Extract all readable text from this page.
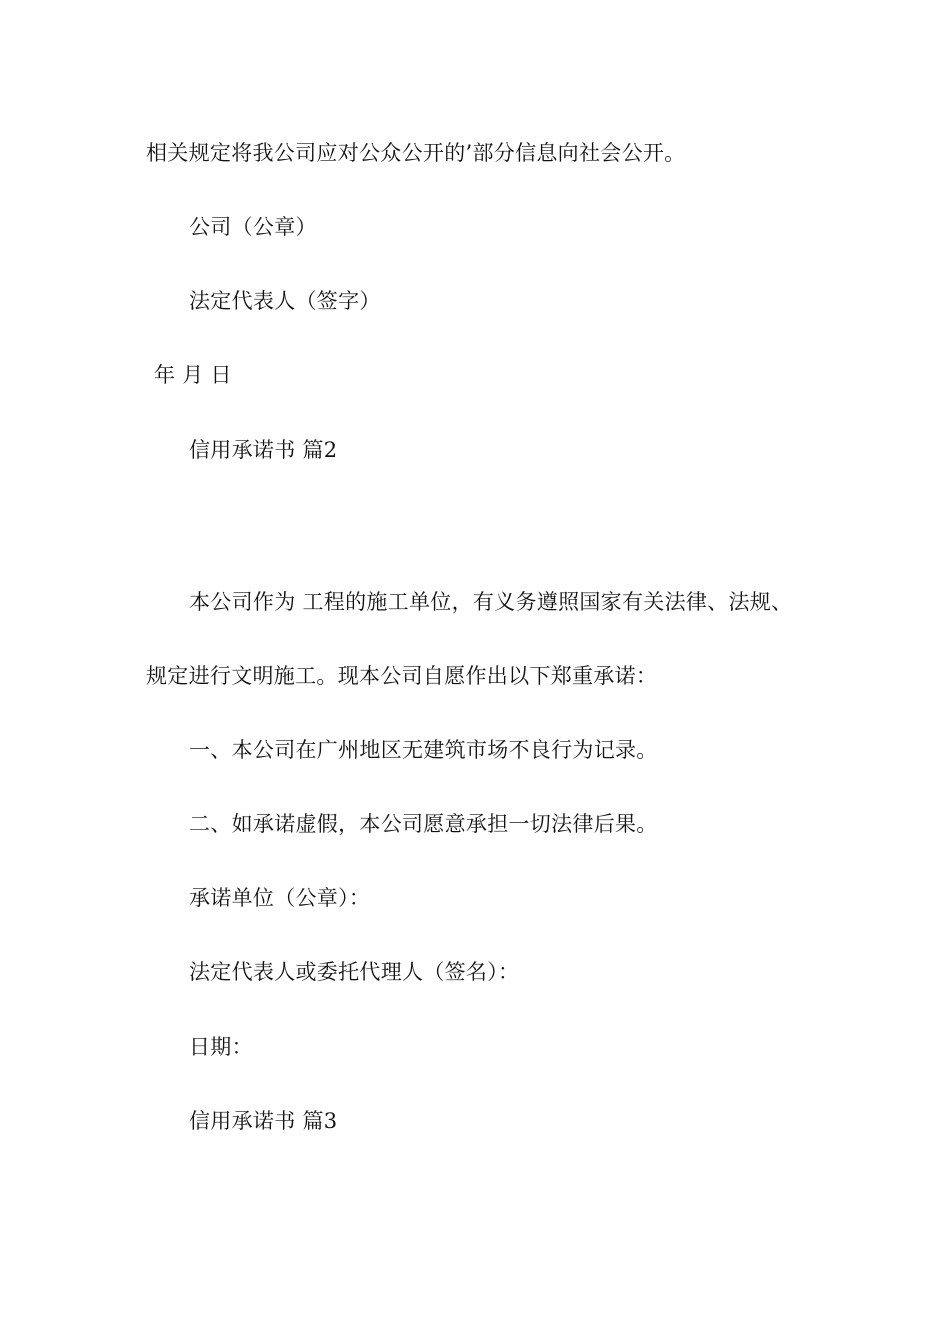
相关规定将我公司应对公众公开的’部分信息向社会公开。
公司（公章）
法定代表人（签字）
年 月 日
信用承诺书 篇2
本公司作为 工程的施工单位，有义务遵照国家有关法律、法规、
规定进行文明施工。现本公司自愿作出以下郑重承诺：
一、本公司在广州地区无建筑市场不良行为记录。
二、如承诺虚假，本公司愿意承担一切法律后果。
承诺单位（公章）：
法定代表人或委托代理人（签名）：
日期：
信用承诺书 篇3
